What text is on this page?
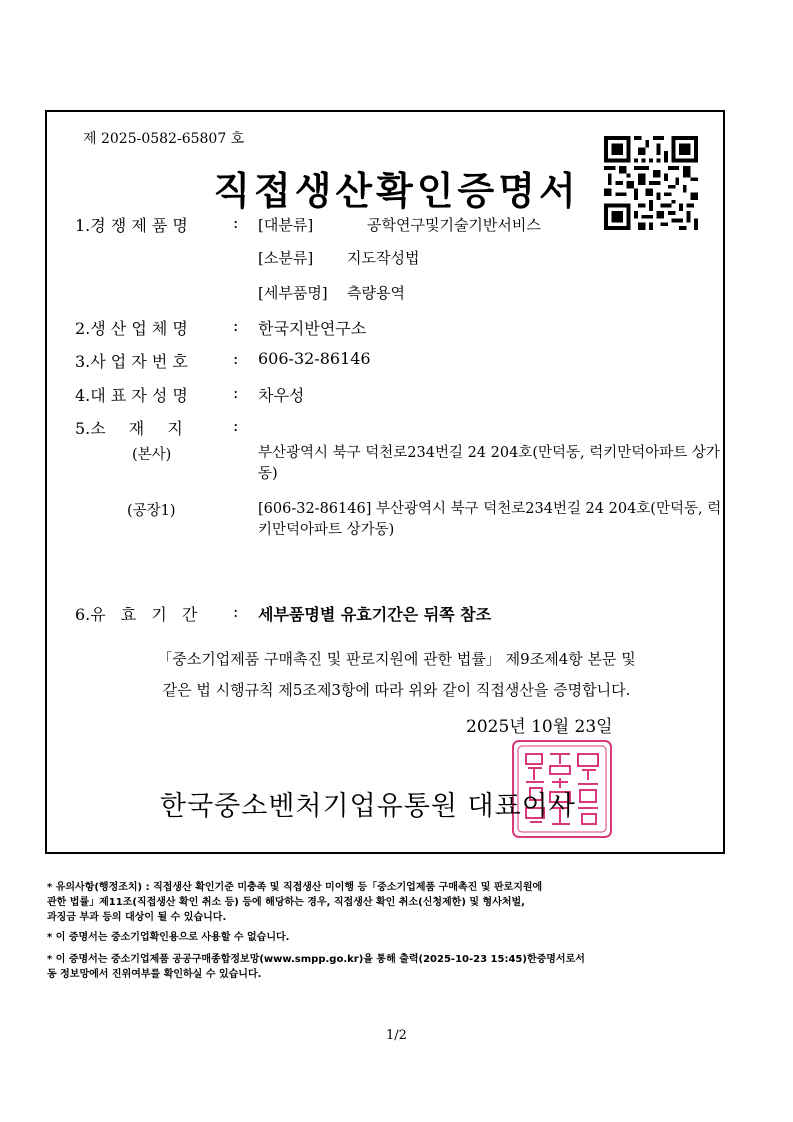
제 2025-0582-65807 호
직접생산확인증명서
1.경 쟁 제 품 명	: [대분류]	공학연구및기술기반서비스
[소분류] 지도작성법
[세부품명] 측량용역
2.생 산 업 체 명	: 한국지반연구소
3.사 업 자 번 호	: 606-32-86146
4.대 표 자 성 명	: 차우성
5.소 재 지	:
(본사)	부산광역시 북구 덕천로234번길 24 204호(만덕동, 럭키만덕아파트 상가동)
(공장1)	[606-32-86146] 부산광역시 북구 덕천로234번길 24 204호(만덕동, 럭키만덕아파트 상가동)
6.유 효 기 간 : 세부품명별 유효기간은 뒤쪽 참조
「중소기업제품 구매촉진 및 판로지원에 관한 법률」 제9조제4항 본문 및
같은 법 시행규칙 제5조제3항에 따라 위와 같이 직접생산을 증명합니다.
2025년 10월 23일
한국중소벤처기업유통원 대표이사
* 유의사항(행정조치) : 직접생산 확인기준 미충족 및 직접생산 미이행 등「중소기업제품 구매촉진 및 판로지원에
관한 법률」제11조(직접생산 확인 취소 등) 등에 해당하는 경우, 직접생산 확인 취소(신청제한) 및 형사처벌,
과징금 부과 등의 대상이 될 수 있습니다.
* 이 증명서는 중소기업확인용으로 사용할 수 없습니다.
* 이 증명서는 중소기업제품 공공구매종합정보망(www.smpp.go.kr)을 통해 출력(2025-10-23 15:45)한증명서로서
동 정보망에서 진위여부를 확인하실 수 있습니다.
1/2
